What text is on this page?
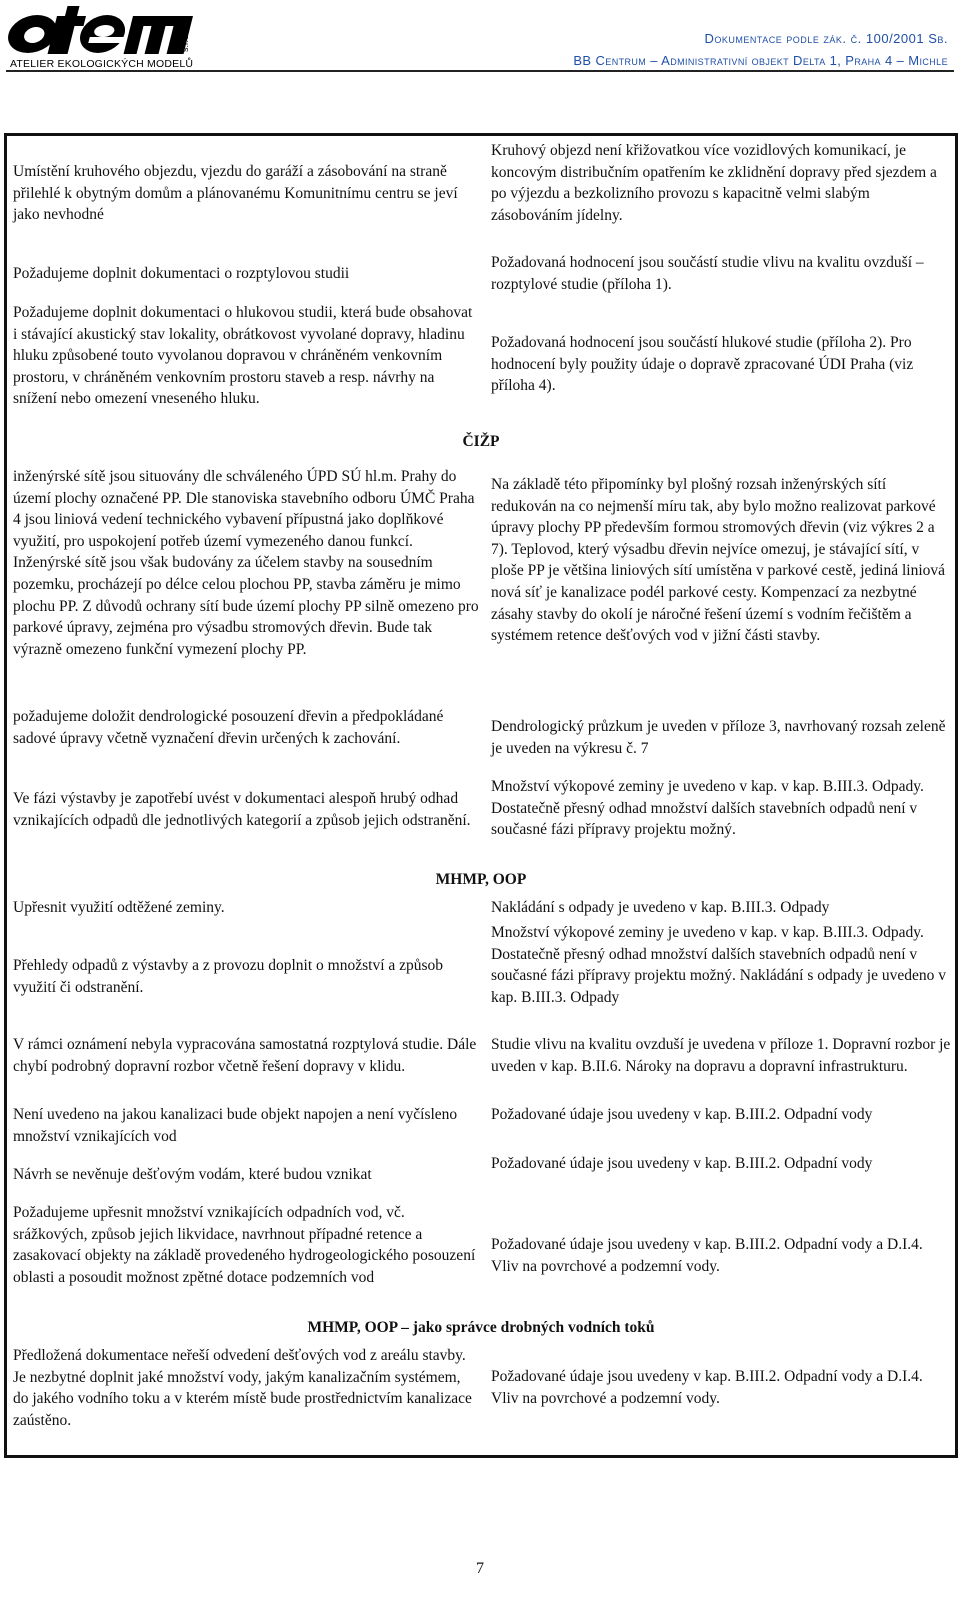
s.r.o.
ATELIER EKOLOGICKÝCH MODELŮ
Dokumentace podle zák. č. 100/2001 Sb.
BB Centrum – Administrativní objekt Delta 1, Praha 4 – Michle
Umístění kruhového objezdu, vjezdu do garáží a zásobování na straně přilehlé k obytným domům a plánovanému Komunitnímu centru se jeví jako nevhodné
Kruhový objezd není křižovatkou více vozidlových komunikací, je koncovým distribučním opatřením ke zklidnění dopravy před sjezdem a po výjezdu a bezkolizního provozu s kapacitně velmi slabým zásobováním jídelny.
Požadujeme doplnit dokumentaci o rozptylovou studii
Požadovaná hodnocení jsou součástí studie vlivu na kvalitu ovzduší – rozptylové studie (příloha 1).
Požadujeme doplnit dokumentaci o hlukovou studii, která bude obsahovat i stávající akustický stav lokality, obrátkovost vyvolané dopravy, hladinu hluku způsobené touto vyvolanou dopravou v chráněném venkovním prostoru, v chráněném venkovním prostoru staveb a resp. návrhy na snížení nebo omezení vneseného hluku.
Požadovaná hodnocení jsou součástí hlukové studie (příloha 2). Pro hodnocení byly použity údaje o dopravě zpracované ÚDI Praha (viz příloha 4).
ČIŽP
inženýrské sítě jsou situovány dle schváleného ÚPD SÚ hl.m. Prahy do území plochy označené PP. Dle stanoviska stavebního odboru ÚMČ Praha 4 jsou liniová vedení technického vybavení přípustná jako doplňkové využití, pro uspokojení potřeb území vymezeného danou funkcí. Inženýrské sítě jsou však budovány za účelem stavby na sousedním pozemku, procházejí po délce celou plochou PP, stavba záměru je mimo plochu PP. Z důvodů ochrany sítí bude území plochy PP silně omezeno pro parkové úpravy, zejména pro výsadbu stromových dřevin. Bude tak výrazně omezeno funkční vymezení plochy PP.
Na základě této připomínky byl plošný rozsah inženýrských sítí redukován na co nejmenší míru tak, aby bylo možno realizovat parkové úpravy plochy PP především formou stromových dřevin (viz výkres 2 a 7). Teplovod, který výsadbu dřevin nejvíce omezuj, je stávající sítí, v ploše PP je většina liniových sítí umístěna v parkové cestě, jediná liniová nová síť je kanalizace podél parkové cesty. Kompenzací za nezbytné zásahy stavby do okolí je náročné řešení území s vodním řečištěm a systémem retence dešťových vod v jižní části stavby.
požadujeme doložit dendrologické posouzení dřevin a předpokládané sadové úpravy včetně vyznačení dřevin určených k zachování.
Dendrologický průzkum je uveden v příloze 3, navrhovaný rozsah zeleně je uveden na výkresu č. 7
Ve fázi výstavby je zapotřebí uvést v dokumentaci alespoň hrubý odhad vznikajících odpadů dle jednotlivých kategorií a způsob jejich odstranění.
Množství výkopové zeminy je uvedeno v kap. v kap. B.III.3. Odpady. Dostatečně přesný odhad množství dalších stavebních odpadů není v současné fázi přípravy projektu možný.
MHMP, OOP
Upřesnit využití odtěžené zeminy.	Nakládání s odpady je uvedeno v kap. B.III.3. Odpady
Přehledy odpadů z výstavby a z provozu doplnit o množství a způsob využití či odstranění.
Množství výkopové zeminy je uvedeno v kap. v kap. B.III.3. Odpady. Dostatečně přesný odhad množství dalších stavebních odpadů není v současné fázi přípravy projektu možný. Nakládání s odpady je uvedeno v kap. B.III.3. Odpady
V rámci oznámení nebyla vypracována samostatná rozptylová studie. Dále chybí podrobný dopravní rozbor včetně řešení dopravy v klidu.
Studie vlivu na kvalitu ovzduší je uvedena v příloze 1. Dopravní rozbor je uveden v kap. B.II.6. Nároky na dopravu a dopravní infrastrukturu.
Není uvedeno na jakou kanalizaci bude objekt napojen a není vyčísleno množství vznikajících vod
Požadované údaje jsou uvedeny v kap. B.III.2. Odpadní vody
Návrh se nevěnuje dešťovým vodám, které budou vznikat
Požadované údaje jsou uvedeny v kap. B.III.2. Odpadní vody
Požadujeme upřesnit množství vznikajících odpadních vod, vč. srážkových, způsob jejich likvidace, navrhnout případné retence a zasakovací objekty na základě provedeného hydrogeologického posouzení oblasti a posoudit možnost zpětné dotace podzemních vod
Požadované údaje jsou uvedeny v kap. B.III.2. Odpadní vody a D.I.4. Vliv na povrchové a podzemní vody.
MHMP, OOP – jako správce drobných vodních toků
Předložená dokumentace neřeší odvedení dešťových vod z areálu stavby. Je nezbytné doplnit jaké množství vody, jakým kanalizačním systémem, do jakého vodního toku a v kterém místě bude prostřednictvím kanalizace zaústěno.
Požadované údaje jsou uvedeny v kap. B.III.2. Odpadní vody a D.I.4. Vliv na povrchové a podzemní vody.
7
